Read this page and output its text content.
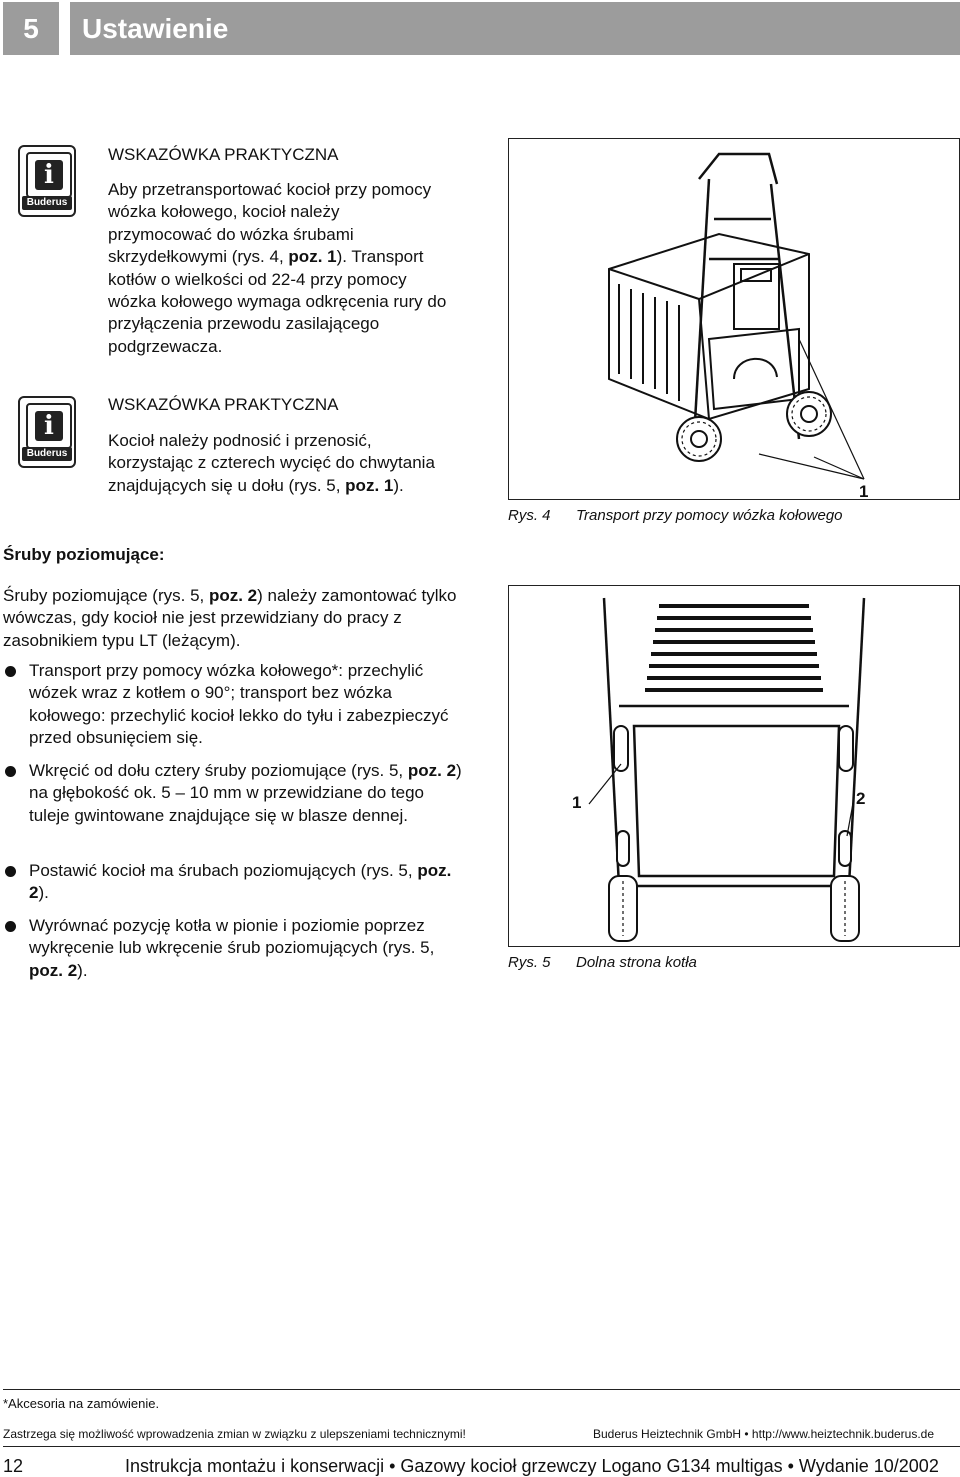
5	Ustawienie
i
Buderus
WSKAZÓWKA PRAKTYCZNA
Aby przetransportować kocioł przy pomocy wózka kołowego, kocioł należy przymocować do wózka śrubami skrzydełkowymi (rys. 4, poz. 1). Transport kotłów o wielkości od 22-4 przy pomocy wózka kołowego wymaga odkręcenia rury do przyłączenia przewodu zasilającego podgrzewacza.
i
Buderus
WSKAZÓWKA PRAKTYCZNA
Kocioł należy podnosić i przenosić, korzystając z czterech wycięć do chwytania znajdujących się u dołu (rys. 5, poz. 1).
Śruby poziomujące:
Śruby poziomujące (rys. 5, poz. 2) należy zamontować tylko wówczas, gdy kocioł nie jest przewidziany do pracy z zasobnikiem typu LT (leżącym).
Transport przy pomocy wózka kołowego*: przechylić wózek wraz z kotłem o 90°; transport bez wózka kołowego: przechylić kocioł lekko do tyłu i zabezpieczyć przed obsunięciem się.
Wkręcić od dołu cztery śruby poziomujące (rys. 5, poz. 2) na głębokość ok. 5 – 10 mm w przewidziane do tego tuleje gwintowane znajdujące się w blasze dennej.
Postawić kocioł ma śrubach poziomujących (rys. 5, poz. 2).
Wyrównać pozycję kotła w pionie i poziomie poprzez wykręcenie lub wkręcenie śrub poziomujących (rys. 5, poz. 2).
1
Rys. 4 Transport przy pomocy wózka kołowego
1	2
Rys. 5 Dolna strona kotła
*Akcesoria na zamówienie.
Zastrzega się możliwość wprowadzenia zmian w związku z ulepszeniami technicznymi!	Buderus Heiztechnik GmbH • http://www.heiztechnik.buderus.de
12	Instrukcja montażu i konserwacji • Gazowy kocioł grzewczy Logano G134 multigas • Wydanie 10/2002
